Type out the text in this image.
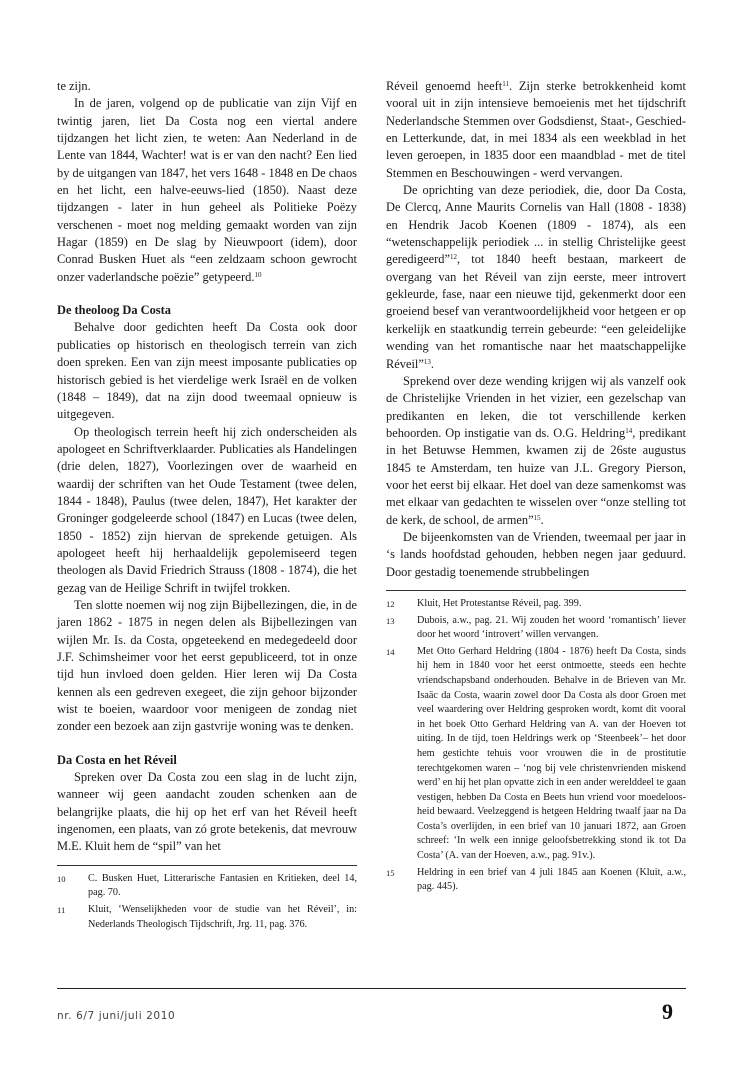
te zijn.

In de jaren, volgend op de publicatie van zijn Vijf en twintig jaren, liet Da Costa nog een viertal andere tijdzangen het licht zien, te weten: Aan Nederland in de Lente van 1844, Wachter! wat is er van den nacht? Een lied by de uitgangen van 1847, het vers 1648 - 1848 en De chaos en het licht, een halve-eeuws-lied (1850). Naast deze tijdzangen - later in hun geheel als Politieke Poëzy verschenen - moet nog melding gemaakt worden van zijn Hagar (1859) en De slag by Nieuwpoort (idem), door Conrad Busken Huet als “een zeldzaam schoon gewrocht onzer vaderlandsche poëzie” getypeerd.$^{10}$

De theoloog Da Costa

Behalve door gedichten heeft Da Costa ook door publicaties op historisch en theologisch terrein van zich doen spreken. Een van zijn meest imposante publicaties op historisch gebied is het vierdelige werk Israël en de volken (1848 – 1849), dat na zijn dood tweemaal opnieuw is uitgegeven.

Op theologisch terrein heeft hij zich onderscheiden als apologeet en Schriftverklaarder. Publicaties als Handelingen (drie delen, 1827), Voorlezingen over de waarheid en waardij der schriften van het Oude Testament (twee delen, 1844 - 1848), Paulus (twee delen, 1847), Het karakter der Groninger godgeleerde school (1847) en Lucas (twee delen, 1850 - 1852) zijn hiervan de sprekende getuigen. Als apologeet heeft hij herhaaldelijk gepolemiseerd tegen theologen als David Friedrich Strauss (1808 - 1874), die het gezag van de Heilige Schrift in twijfel trokken.

Ten slotte noemen wij nog zijn Bijbellezingen, die, in de jaren 1862 - 1875 in negen delen als Bijbellezingen van wijlen Mr. Is. da Costa, opgeteekend en medegedeeld door J.F. Schimsheimer voor het eerst gepubliceerd, tot in onze tijd hun invloed doen gelden. Hier leren wij Da Costa kennen als een gedreven exegeet, die zijn gehoor bijzonder wist te boeien, waardoor voor menigeen de zondag niet zonder een bezoek aan zijn gastvrije woning was te denken.

Da Costa en het Réveil

Spreken over Da Costa zou een slag in de lucht zijn, wanneer wij geen aandacht zouden schenken aan de belangrijke plaats, die hij op het erf van het Réveil heeft ingenomen, een plaats, van zó grote betekenis, dat mevrouw M.E. Kluit hem de “spil” van het

10 C. Busken Huet, Litterarische Fantasien en Kritieken, deel 14, pag. 70.
11 Kluit, ‘Wenselijkheden voor de studie van het Réveil’, in: Nederlands Theologisch Tijdschrift, Jrg. 11, pag. 376.

Réveil genoemd heeft$^{11}$. Zijn sterke betrokkenheid komt vooral uit in zijn intensieve bemoeienis met het tijdschrift Nederlandsche Stemmen over Godsdienst, Staat-, Geschied- en Letterkunde, dat, in mei 1834 als een weekblad in het leven geroepen, in 1835 door een maandblad - met de titel Stemmen en Beschouwingen - werd vervangen.

De oprichting van deze periodiek, die, door Da Costa, De Clercq, Anne Maurits Cornelis van Hall (1808 - 1838) en Hendrik Jacob Koenen (1809 - 1874), als een “wetenschappelijk periodiek ... in stellig Christelijke geest geredigeerd”$^{12}$, tot 1840 heeft bestaan, markeert de overgang van het Réveil van zijn eerste, meer introvert gekleurde, fase, naar een nieuwe tijd, gekenmerkt door een groeiend besef van verantwoordelijkheid voor hetgeen er op kerkelijk en staatkundig terrein gebeurde: “een geleidelijke wending van het romantische naar het maatschappelijke Réveil”$^{13}$.

Sprekend over deze wending krijgen wij als vanzelf ook de Christelijke Vrienden in het vizier, een gezelschap van predikanten en leken, die tot verschillende kerken behoorden. Op instigatie van ds. O.G. Heldring$^{14}$, predikant in het Betuwse Hemmen, kwamen zij de 26ste augustus 1845 te Amsterdam, ten huize van J.L. Gregory Pierson, voor het eerst bij elkaar. Het doel van deze samenkomst was met elkaar van gedachten te wisselen over “onze stelling tot de kerk, de school, de armen”$^{15}$.

De bijeenkomsten van de Vrienden, tweemaal per jaar in ‘s lands hoofdstad gehouden, hebben negen jaar geduurd. Door gestadig toenemende strubbelingen

12 Kluit, Het Protestantse Réveil, pag. 399.
13 Dubois, a.w., pag. 21. Wij zouden het woord ‘romantisch’ liever door het woord ‘introvert’ willen vervangen.
14 Met Otto Gerhard Heldring (1804 - 1876) heeft Da Costa, sinds hij hem in 1840 voor het eerst ontmoette, steeds een hechte vriendschapsband onderhouden. Behalve in de Brieven van Mr. Isaäc da Costa, waarin zowel door Da Costa als door Groen met veel waardering over Heldring gesproken wordt, komt dit vooral in het boek Otto Gerhard Heldring van A. van der Hoeven tot uiting. In de tijd, toen Heldrings werk op ‘Steenbeek’– het door hem gestichte tehuis voor vrouwen die in de prostitutie terechtgekomen waren – ‘nog bij vele christenvrienden miskend werd’ en hij het plan opvatte zich in een ander werelddeel te gaan vestigen, hebben Da Costa en Beets hun vriend voor moedeloosheid bewaard. Veelzeggend is hetgeen Heldring twaalf jaar na Da Costa’s overlijden, in een brief van 10 januari 1872, aan Groen schreef: ‘In welk een innige geloofsbetrekking stond ik tot Da Costa’ (A. van der Hoeven, a.w., pag. 91v.).
15 Heldring in een brief van 4 juli 1845 aan Koenen (Kluit, a.w., pag. 445).
nr. 6/7 juni/juli 2010	9
